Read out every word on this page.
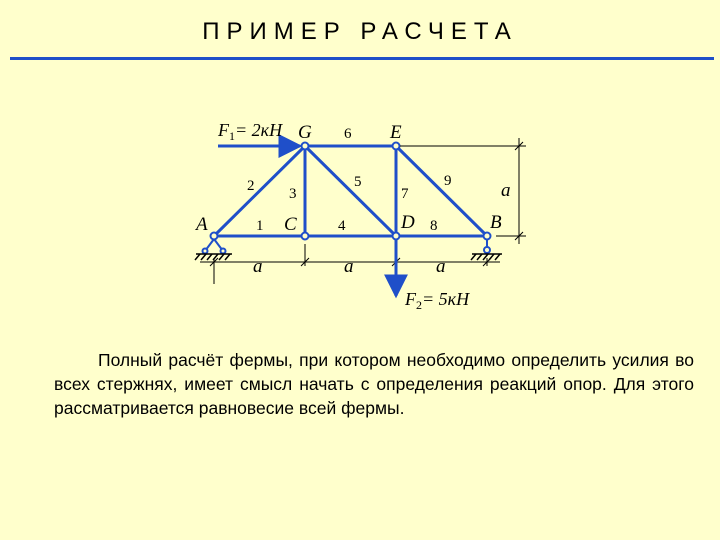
ПРИМЕР РАСЧЕТА
A	C	D	B
G	E
1
2 3
4
5
6
7
8
9
a	a	a
a
$F_1= 2кН$
$F_2= 5кН$
Полный расчёт фермы, при котором необходимо определить усилия во всех стержнях, имеет смысл начать с определения реакций опор. Для этого рассматривается равновесие всей фермы.
